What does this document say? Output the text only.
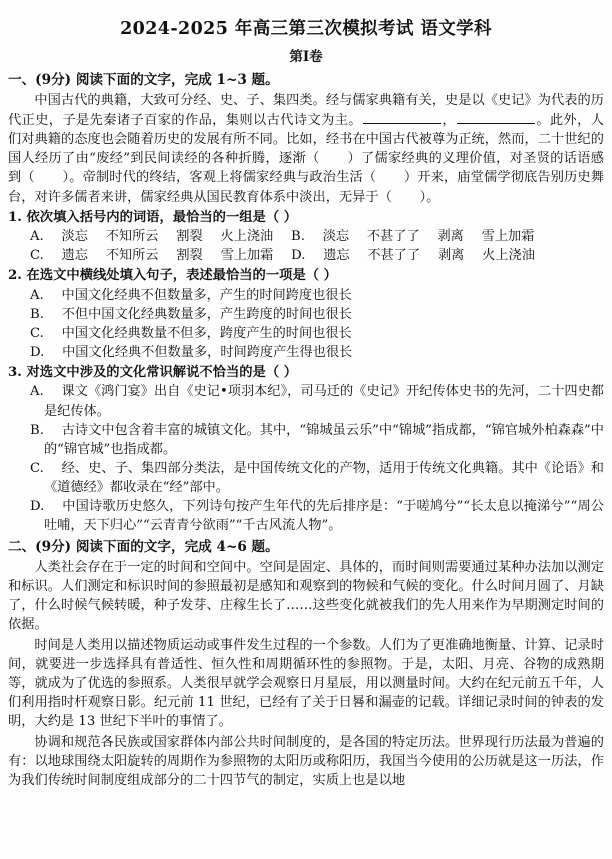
2024-2025 年高三第三次模拟考试 语文学科
第I卷
一、(9分) 阅读下面的文字，完成 1~3 题。
中国古代的典籍，大致可分经、史、子、集四类。经与儒家典籍有关，史是以《史记》为代表的历代正史，子是先秦诸子百家的作品，集则以古代诗文为主。	，	。此外，人们对典籍的态度也会随着历史的发展有所不同。比如，经书在中国古代被尊为正统，然而，二十世纪的国人经历了由“废经”到民间读经的各种折腾，逐渐（ ）了儒家经典的义理价值，对圣贤的话语感到（ ）。帝制时代的终结，客观上将儒家经典与政治生活（ ）开来，庙堂儒学彻底告别历史舞台，对许多儒者来讲，儒家经典从国民教育体系中淡出，无异于（ ）。
1. 依次填入括号内的词语，最恰当的一组是（ ）
A. 淡忘 不知所云 割裂 火上浇油 B. 淡忘 不甚了了 剥离 雪上加霜
C. 遗忘 不知所云 割裂 雪上加霜 D. 遗忘 不甚了了 剥离 火上浇油
2. 在选文中横线处填入句子，表述最恰当的一项是（ ）
A. 中国文化经典不但数量多，产生的时间跨度也很长
B. 不但中国文化经典数量多，产生跨度的时间也很长
C. 中国文化经典数量不但多，跨度产生的时间也很长
D. 中国文化经典不但数量多，时间跨度产生得也很长
3. 对选文中涉及的文化常识解说不恰当的是（ ）
A. 课文《鸿门宴》出自《史记•项羽本纪》，司马迁的《史记》开纪传体史书的先河，二十四史都是纪传体。
B. 古诗文中包含着丰富的城镇文化。其中，“锦城虽云乐”中“锦城”指成都，“锦官城外柏森森”中的“锦官城”也指成都。
C. 经、史、子、集四部分类法，是中国传统文化的产物，适用于传统文化典籍。其中《论语》和《道德经》都收录在“经”部中。
D. 中国诗歌历史悠久，下列诗句按产生年代的先后排序是：“于嗟鸠兮”“长太息以掩涕兮”“周公吐哺，天下归心”“云青青兮欲雨”“千古风流人物”。
二、(9分) 阅读下面的文字，完成 4~6 题。
人类社会存在于一定的时间和空间中。空间是固定、具体的，而时间则需要通过某种办法加以测定和标识。人们测定和标识时间的参照最初是感知和观察到的物候和气候的变化。什么时间月圆了、月缺了，什么时候气候转暖，种子发芽、庄稼生长了……这些变化就被我们的先人用来作为早期测定时间的依据。
时间是人类用以描述物质运动或事件发生过程的一个参数。人们为了更准确地衡量、计算、记录时间，就要进一步选择具有普适性、恒久性和周期循环性的参照物。于是，太阳、月亮、谷物的成熟期等，就成为了优选的参照系。人类很早就学会观察日月星辰，用以测量时间。大约在纪元前五千年，人们利用指时杆观察日影。纪元前 11 世纪，已经有了关于日晷和漏壶的记载。详细记录时间的钟表的发明，大约是 13 世纪下半叶的事情了。
协调和规范各民族或国家群体内部公共时间制度的，是各国的特定历法。世界现行历法最为普遍的有：以地球围绕太阳旋转的周期作为参照物的太阳历或称阳历，我国当今使用的公历就是这一历法，作为我们传统时间制度组成部分的二十四节气的制定，实质上也是以地
